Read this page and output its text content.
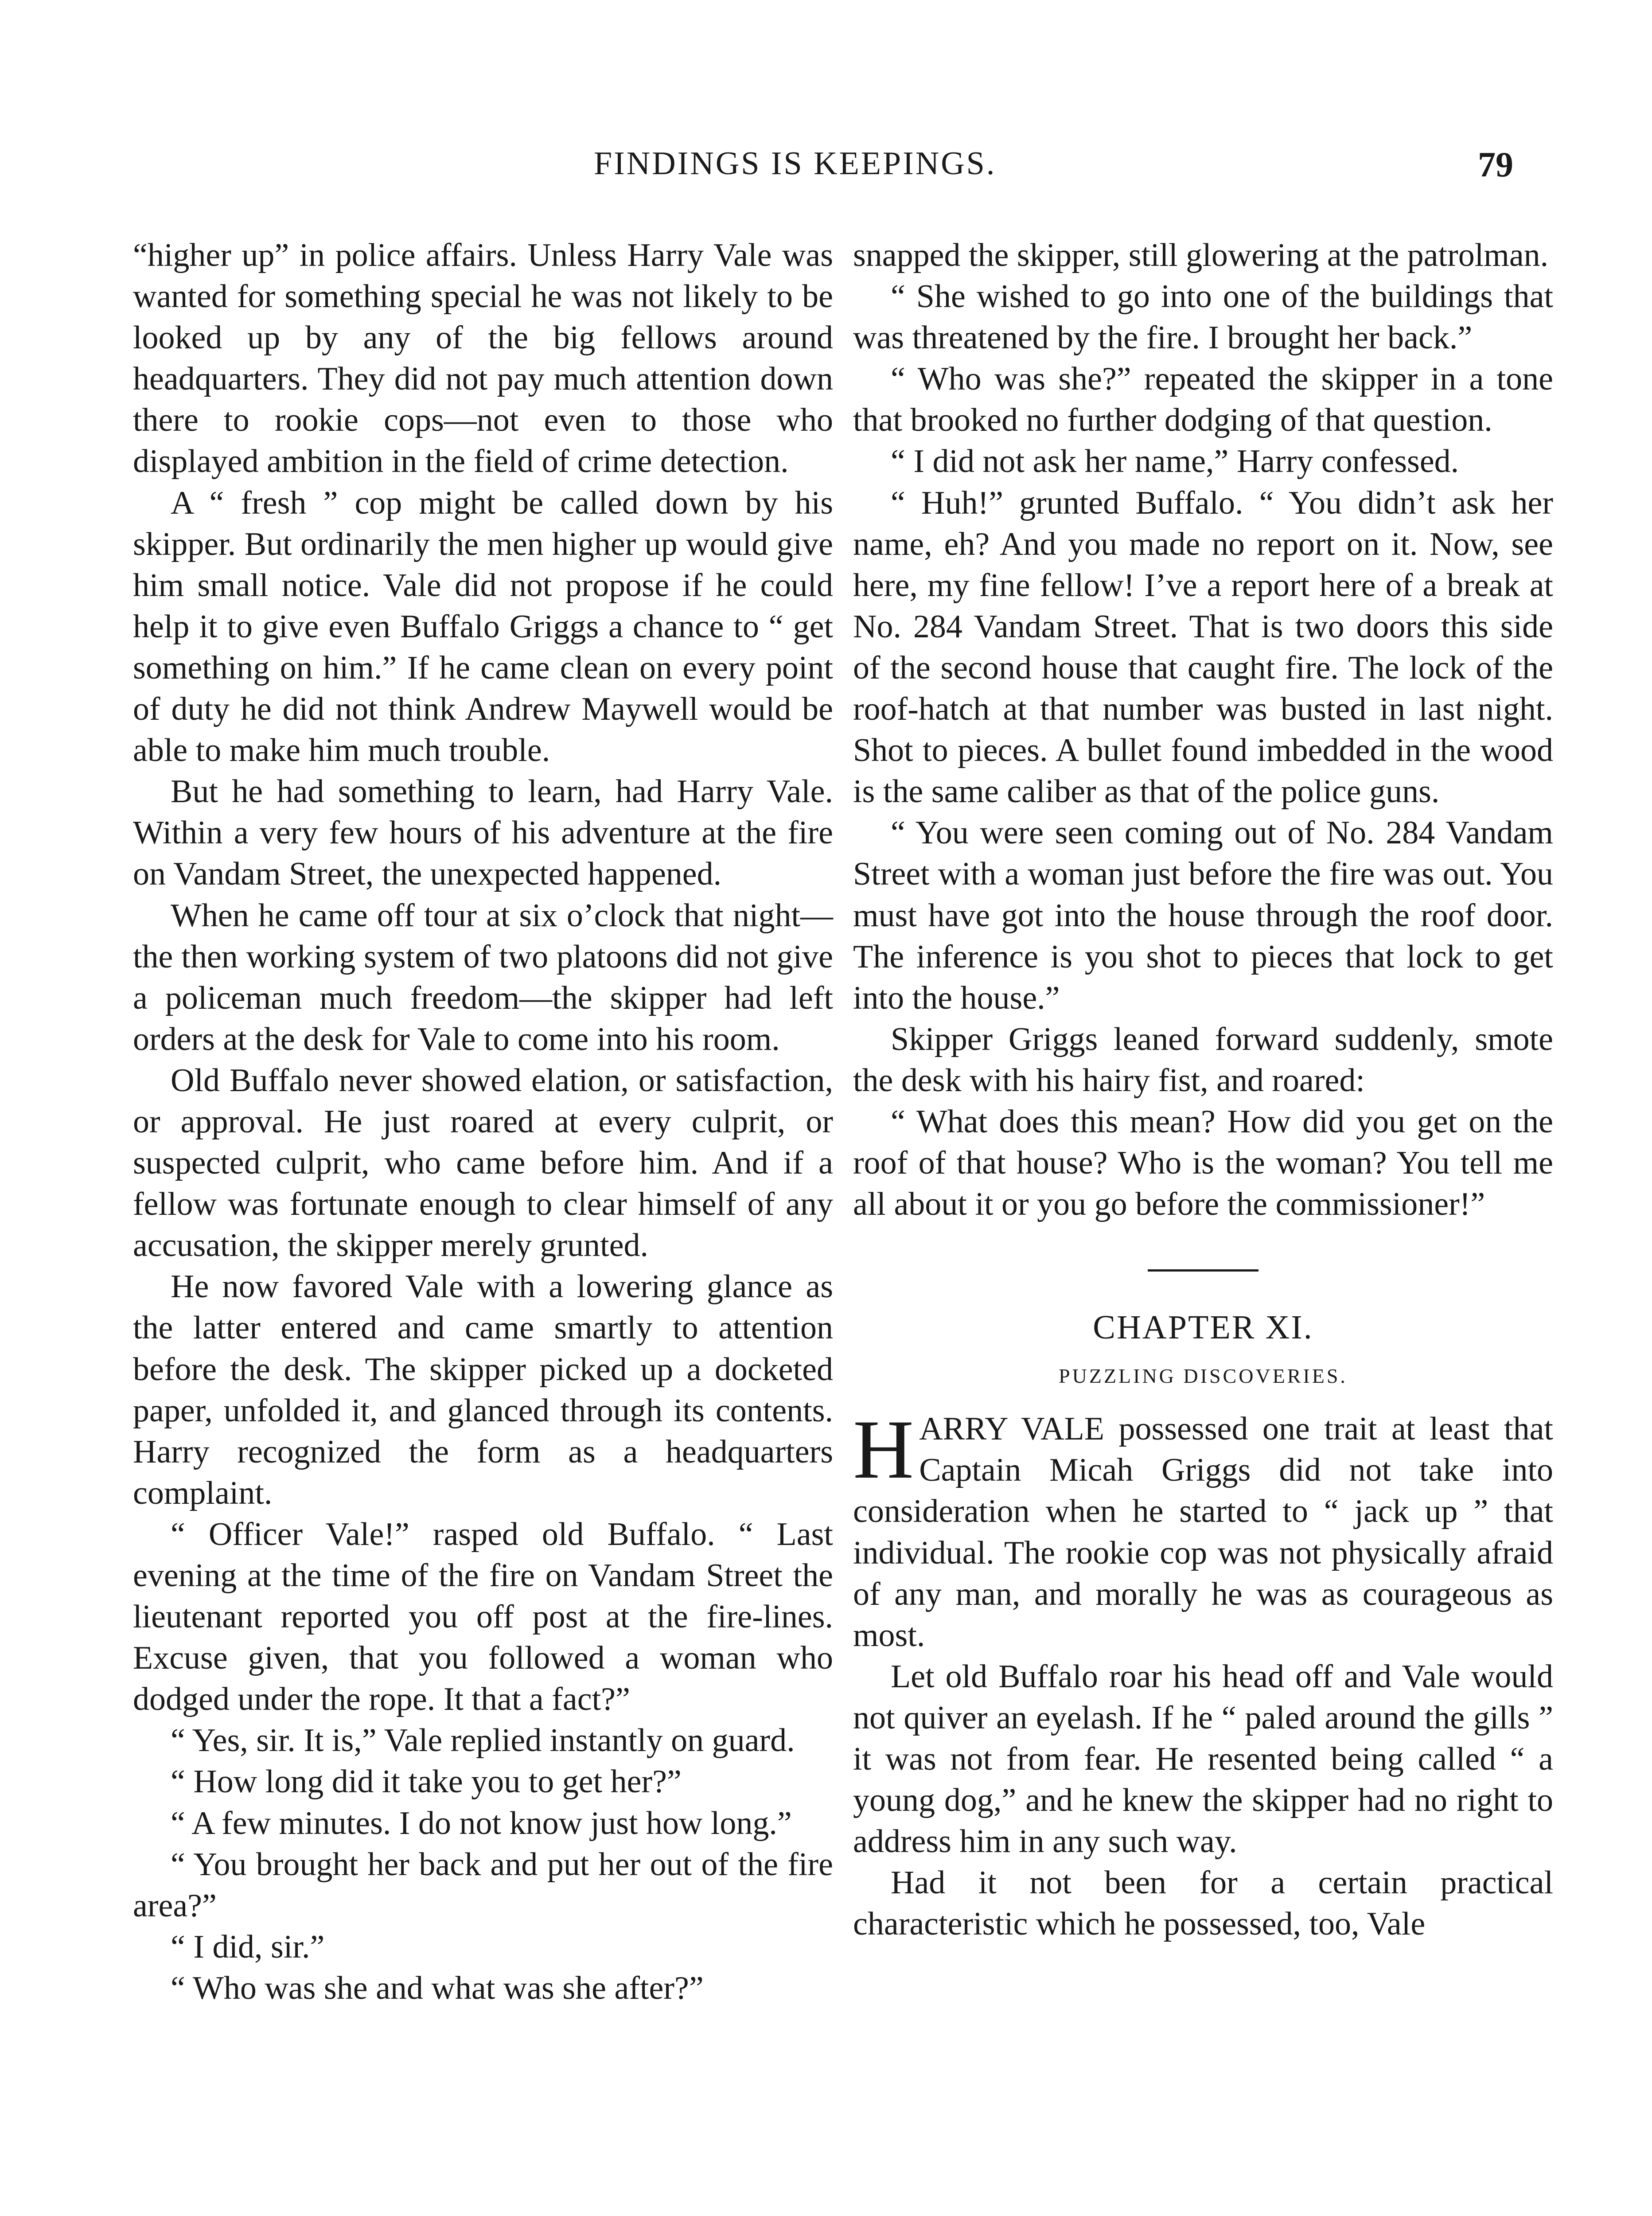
FINDINGS IS KEEPINGS.	79

“higher up” in police affairs. Unless Harry Vale was wanted for something special he was not likely to be looked up by any of the big fellows around headquarters. They did not pay much attention down there to rookie cops—not even to those who displayed ambition in the field of crime detection.

A “ fresh ” cop might be called down by his skipper. But ordinarily the men higher up would give him small notice. Vale did not propose if he could help it to give even Buffalo Griggs a chance to “ get something on him.” If he came clean on every point of duty he did not think Andrew Maywell would be able to make him much trouble.

But he had something to learn, had Harry Vale. Within a very few hours of his adventure at the fire on Vandam Street, the unexpected happened.

When he came off tour at six o’clock that night—the then working system of two platoons did not give a policeman much freedom—the skipper had left orders at the desk for Vale to come into his room.

Old Buffalo never showed elation, or satisfaction, or approval. He just roared at every culprit, or suspected culprit, who came before him. And if a fellow was fortunate enough to clear himself of any accusation, the skipper merely grunted.

He now favored Vale with a lowering glance as the latter entered and came smartly to attention before the desk. The skipper picked up a docketed paper, unfolded it, and glanced through its contents. Harry recognized the form as a headquarters complaint.

“ Officer Vale!” rasped old Buffalo. “ Last evening at the time of the fire on Vandam Street the lieutenant reported you off post at the fire-lines. Excuse given, that you followed a woman who dodged under the rope. It that a fact?”

“ Yes, sir. It is,” Vale replied instantly on guard.

“ How long did it take you to get her?”

“ A few minutes. I do not know just how long.”

“ You brought her back and put her out of the fire area?”

“ I did, sir.”

“ Who was she and what was she after?”

snapped the skipper, still glowering at the patrolman.

“ She wished to go into one of the buildings that was threatened by the fire. I brought her back.”

“ Who was she?” repeated the skipper in a tone that brooked no further dodging of that question.

“ I did not ask her name,” Harry confessed.

“ Huh!” grunted Buffalo. “ You didn’t ask her name, eh? And you made no report on it. Now, see here, my fine fellow! I’ve a report here of a break at No. 284 Vandam Street. That is two doors this side of the second house that caught fire. The lock of the roof-hatch at that number was busted in last night. Shot to pieces. A bullet found imbedded in the wood is the same caliber as that of the police guns.

“ You were seen coming out of No. 284 Vandam Street with a woman just before the fire was out. You must have got into the house through the roof door. The inference is you shot to pieces that lock to get into the house.”

Skipper Griggs leaned forward suddenly, smote the desk with his hairy fist, and roared:

“ What does this mean? How did you get on the roof of that house? Who is the woman? You tell me all about it or you go before the commissioner!”

CHAPTER XI.
PUZZLING DISCOVERIES.

HARRY VALE possessed one trait at least that Captain Micah Griggs did not take into consideration when he started to “ jack up ” that individual. The rookie cop was not physically afraid of any man, and morally he was as courageous as most.

Let old Buffalo roar his head off and Vale would not quiver an eyelash. If he “ paled around the gills ” it was not from fear. He resented being called “ a young dog,” and he knew the skipper had no right to address him in any such way.

Had it not been for a certain practical characteristic which he possessed, too, Vale
